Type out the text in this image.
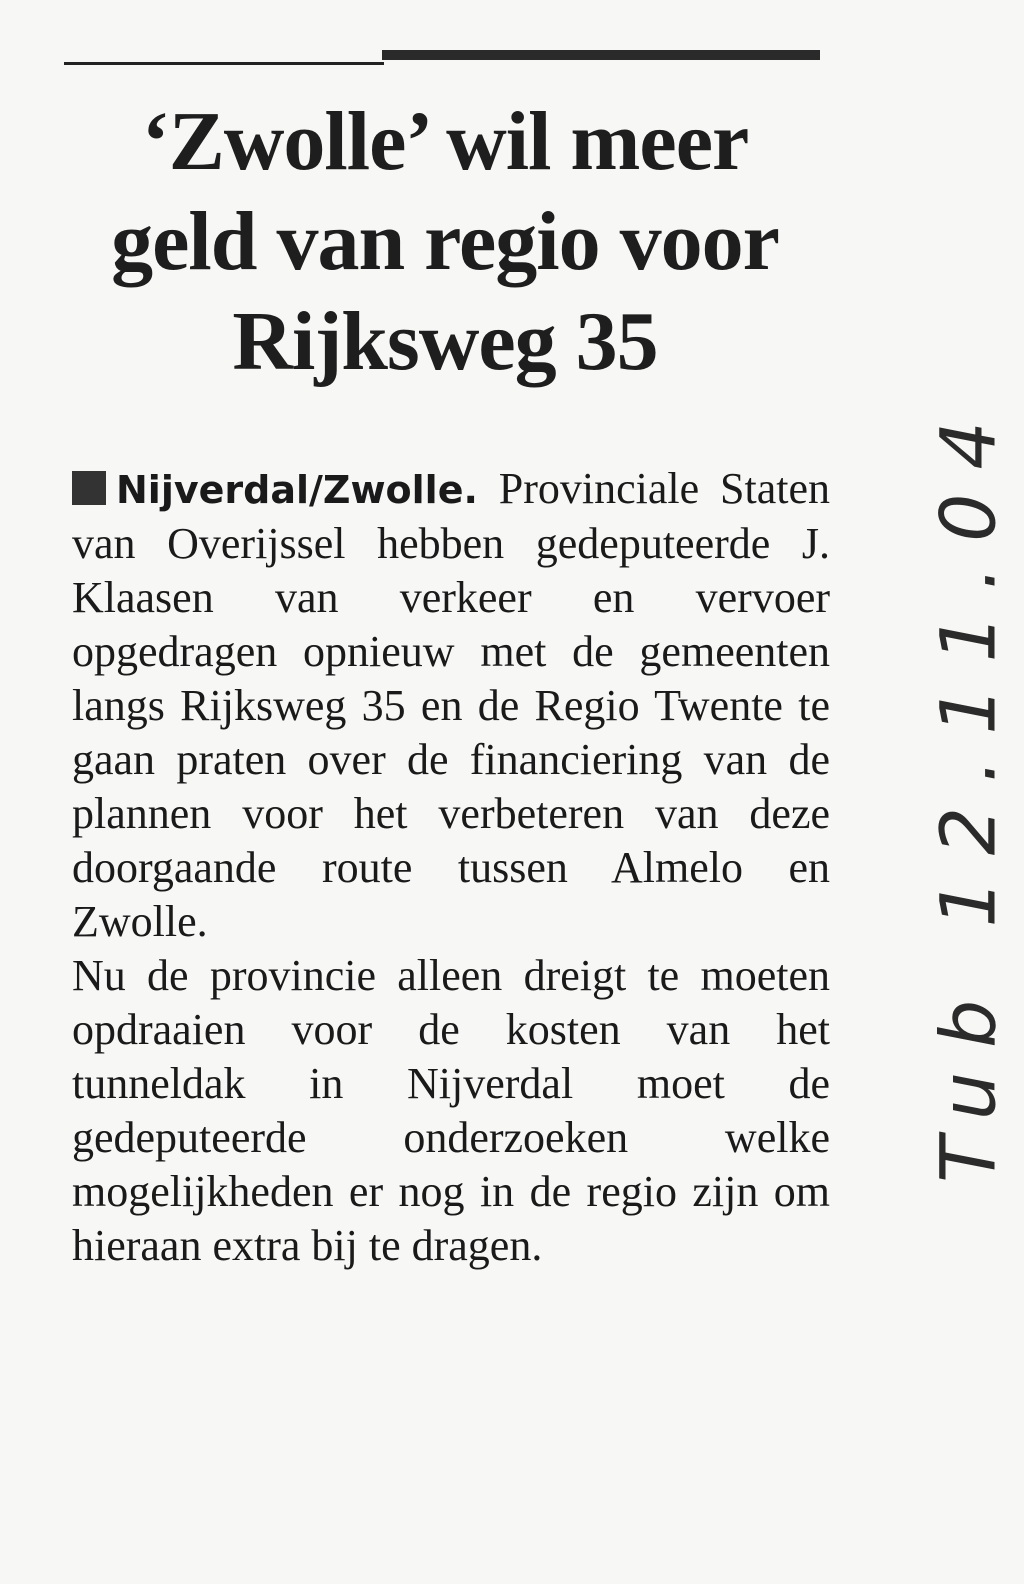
‘Zwolle’ wil meer geld van regio voor Rijksweg 35

Nijverdal/Zwolle. Provinciale Staten van Overijssel hebben gedeputeerde J. Klaasen van verkeer en vervoer opgedragen opnieuw met de gemeenten langs Rijksweg 35 en de Regio Twente te gaan praten over de financiering van de plannen voor het verbeteren van deze doorgaande route tussen Almelo en Zwolle.

Nu de provincie alleen dreigt te moeten opdraaien voor de kosten van het tunneldak in Nijverdal moet de gedeputeerde onderzoeken welke mogelijkheden er nog in de regio zijn om hieraan extra bij te dragen.

Tub 12.11.04
